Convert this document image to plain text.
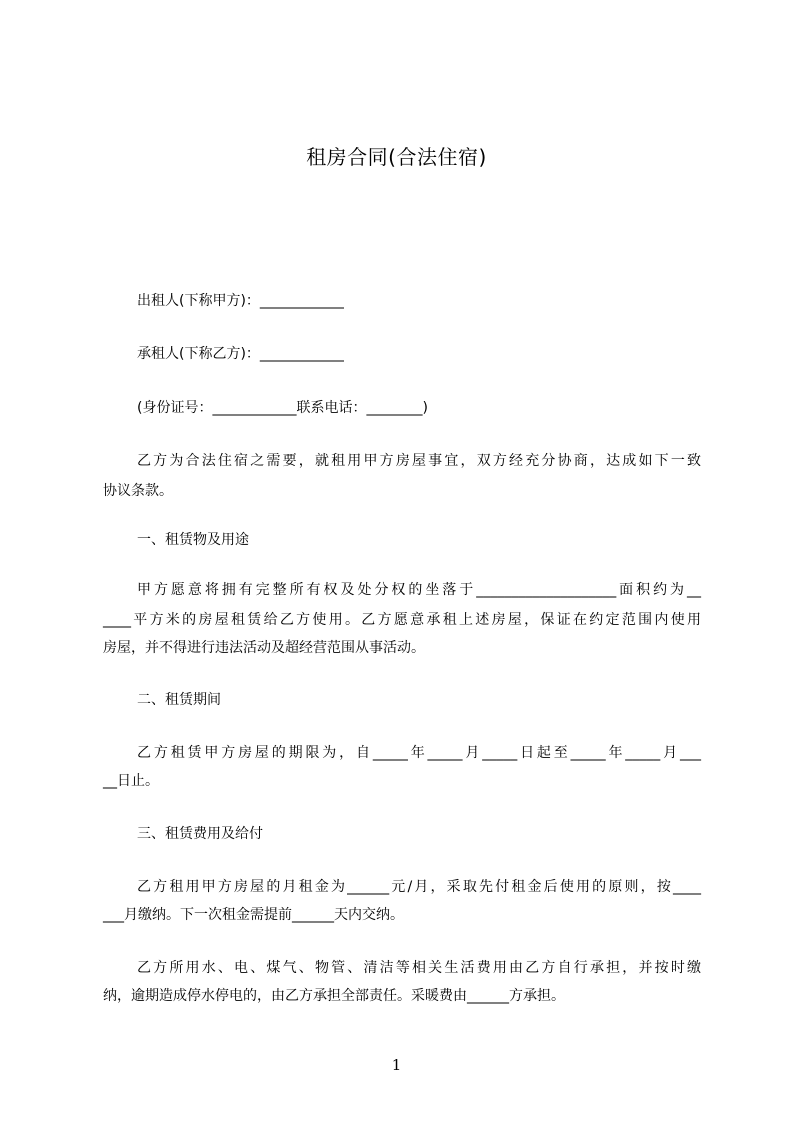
租房合同(合法住宿)
出租人(下称甲方)：____________
承租人(下称乙方)：____________
(身份证号：____________联系电话：________)
乙方为合法住宿之需要，就租用甲方房屋事宜，双方经充分协商，达成如下一致
协议条款。
一、租赁物及用途
甲方愿意将拥有完整所有权及处分权的坐落于____________________面积约为__
____平方米的房屋租赁给乙方使用。乙方愿意承租上述房屋，保证在约定范围内使用
房屋，并不得进行违法活动及超经营范围从事活动。
二、租赁期间
乙方租赁甲方房屋的期限为，自_____年_____月_____日起至_____年_____月___
__日止。
三、租赁费用及给付
乙方租用甲方房屋的月租金为______元/月，采取先付租金后使用的原则，按____
___月缴纳。下一次租金需提前______天内交纳。
乙方所用水、电、煤气、物管、清洁等相关生活费用由乙方自行承担，并按时缴
纳，逾期造成停水停电的，由乙方承担全部责任。采暖费由______方承担。
1
